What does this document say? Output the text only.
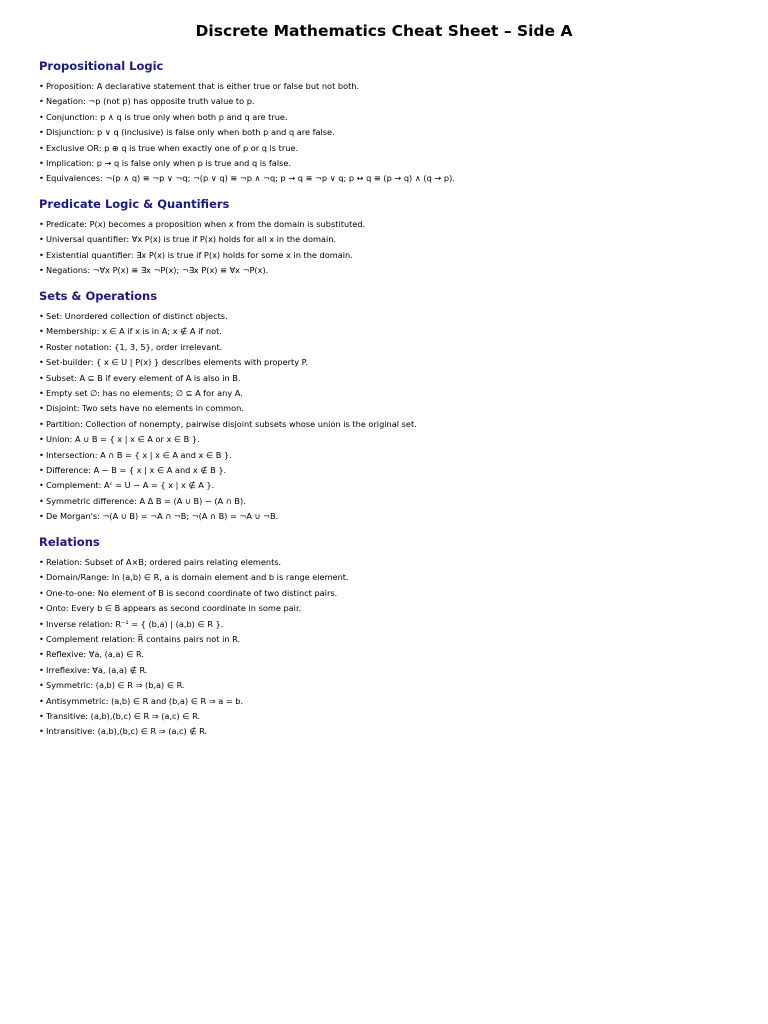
Discrete Mathematics Cheat Sheet – Side A
Propositional Logic
• Proposition: A declarative statement that is either true or false but not both.
• Negation: ¬p (not p) has opposite truth value to p.
• Conjunction: p ∧ q is true only when both p and q are true.
• Disjunction: p ∨ q (inclusive) is false only when both p and q are false.
• Exclusive OR: p ⊕ q is true when exactly one of p or q is true.
• Implication: p → q is false only when p is true and q is false.
• Equivalences: ¬(p ∧ q) ≡ ¬p ∨ ¬q; ¬(p ∨ q) ≡ ¬p ∧ ¬q; p → q ≡ ¬p ∨ q; p ↔ q ≡ (p → q) ∧ (q → p).
Predicate Logic & Quantifiers
• Predicate: P(x) becomes a proposition when x from the domain is substituted.
• Universal quantifier: ∀x P(x) is true if P(x) holds for all x in the domain.
• Existential quantifier: ∃x P(x) is true if P(x) holds for some x in the domain.
• Negations: ¬∀x P(x) ≡ ∃x ¬P(x); ¬∃x P(x) ≡ ∀x ¬P(x).
Sets & Operations
• Set: Unordered collection of distinct objects.
• Membership: x ∈ A if x is in A; x ∉ A if not.
• Roster notation: {1, 3, 5}, order irrelevant.
• Set-builder: { x ∈ U | P(x) } describes elements with property P.
• Subset: A ⊆ B if every element of A is also in B.
• Empty set ∅: has no elements; ∅ ⊆ A for any A.
• Disjoint: Two sets have no elements in common.
• Partition: Collection of nonempty, pairwise disjoint subsets whose union is the original set.
• Union: A ∪ B = { x | x ∈ A or x ∈ B }.
• Intersection: A ∩ B = { x | x ∈ A and x ∈ B }.
• Difference: A − B = { x | x ∈ A and x ∉ B }.
• Complement: Aᶜ = U − A = { x | x ∉ A }.
• Symmetric difference: A Δ B = (A ∪ B) − (A ∩ B).
• De Morgan's: ¬(A ∪ B) = ¬A ∩ ¬B; ¬(A ∩ B) = ¬A ∪ ¬B.
Relations
• Relation: Subset of A×B; ordered pairs relating elements.
• Domain/Range: In (a,b) ∈ R, a is domain element and b is range element.
• One-to-one: No element of B is second coordinate of two distinct pairs.
• Onto: Every b ∈ B appears as second coordinate in some pair.
• Inverse relation: R⁻¹ = { (b,a) | (a,b) ∈ R }.
• Complement relation: R̅ contains pairs not in R.
• Reflexive: ∀a, (a,a) ∈ R.
• Irreflexive: ∀a, (a,a) ∉ R.
• Symmetric: (a,b) ∈ R ⇒ (b,a) ∈ R.
• Antisymmetric: (a,b) ∈ R and (b,a) ∈ R ⇒ a = b.
• Transitive: (a,b),(b,c) ∈ R ⇒ (a,c) ∈ R.
• Intransitive: (a,b),(b,c) ∈ R ⇒ (a,c) ∉ R.
